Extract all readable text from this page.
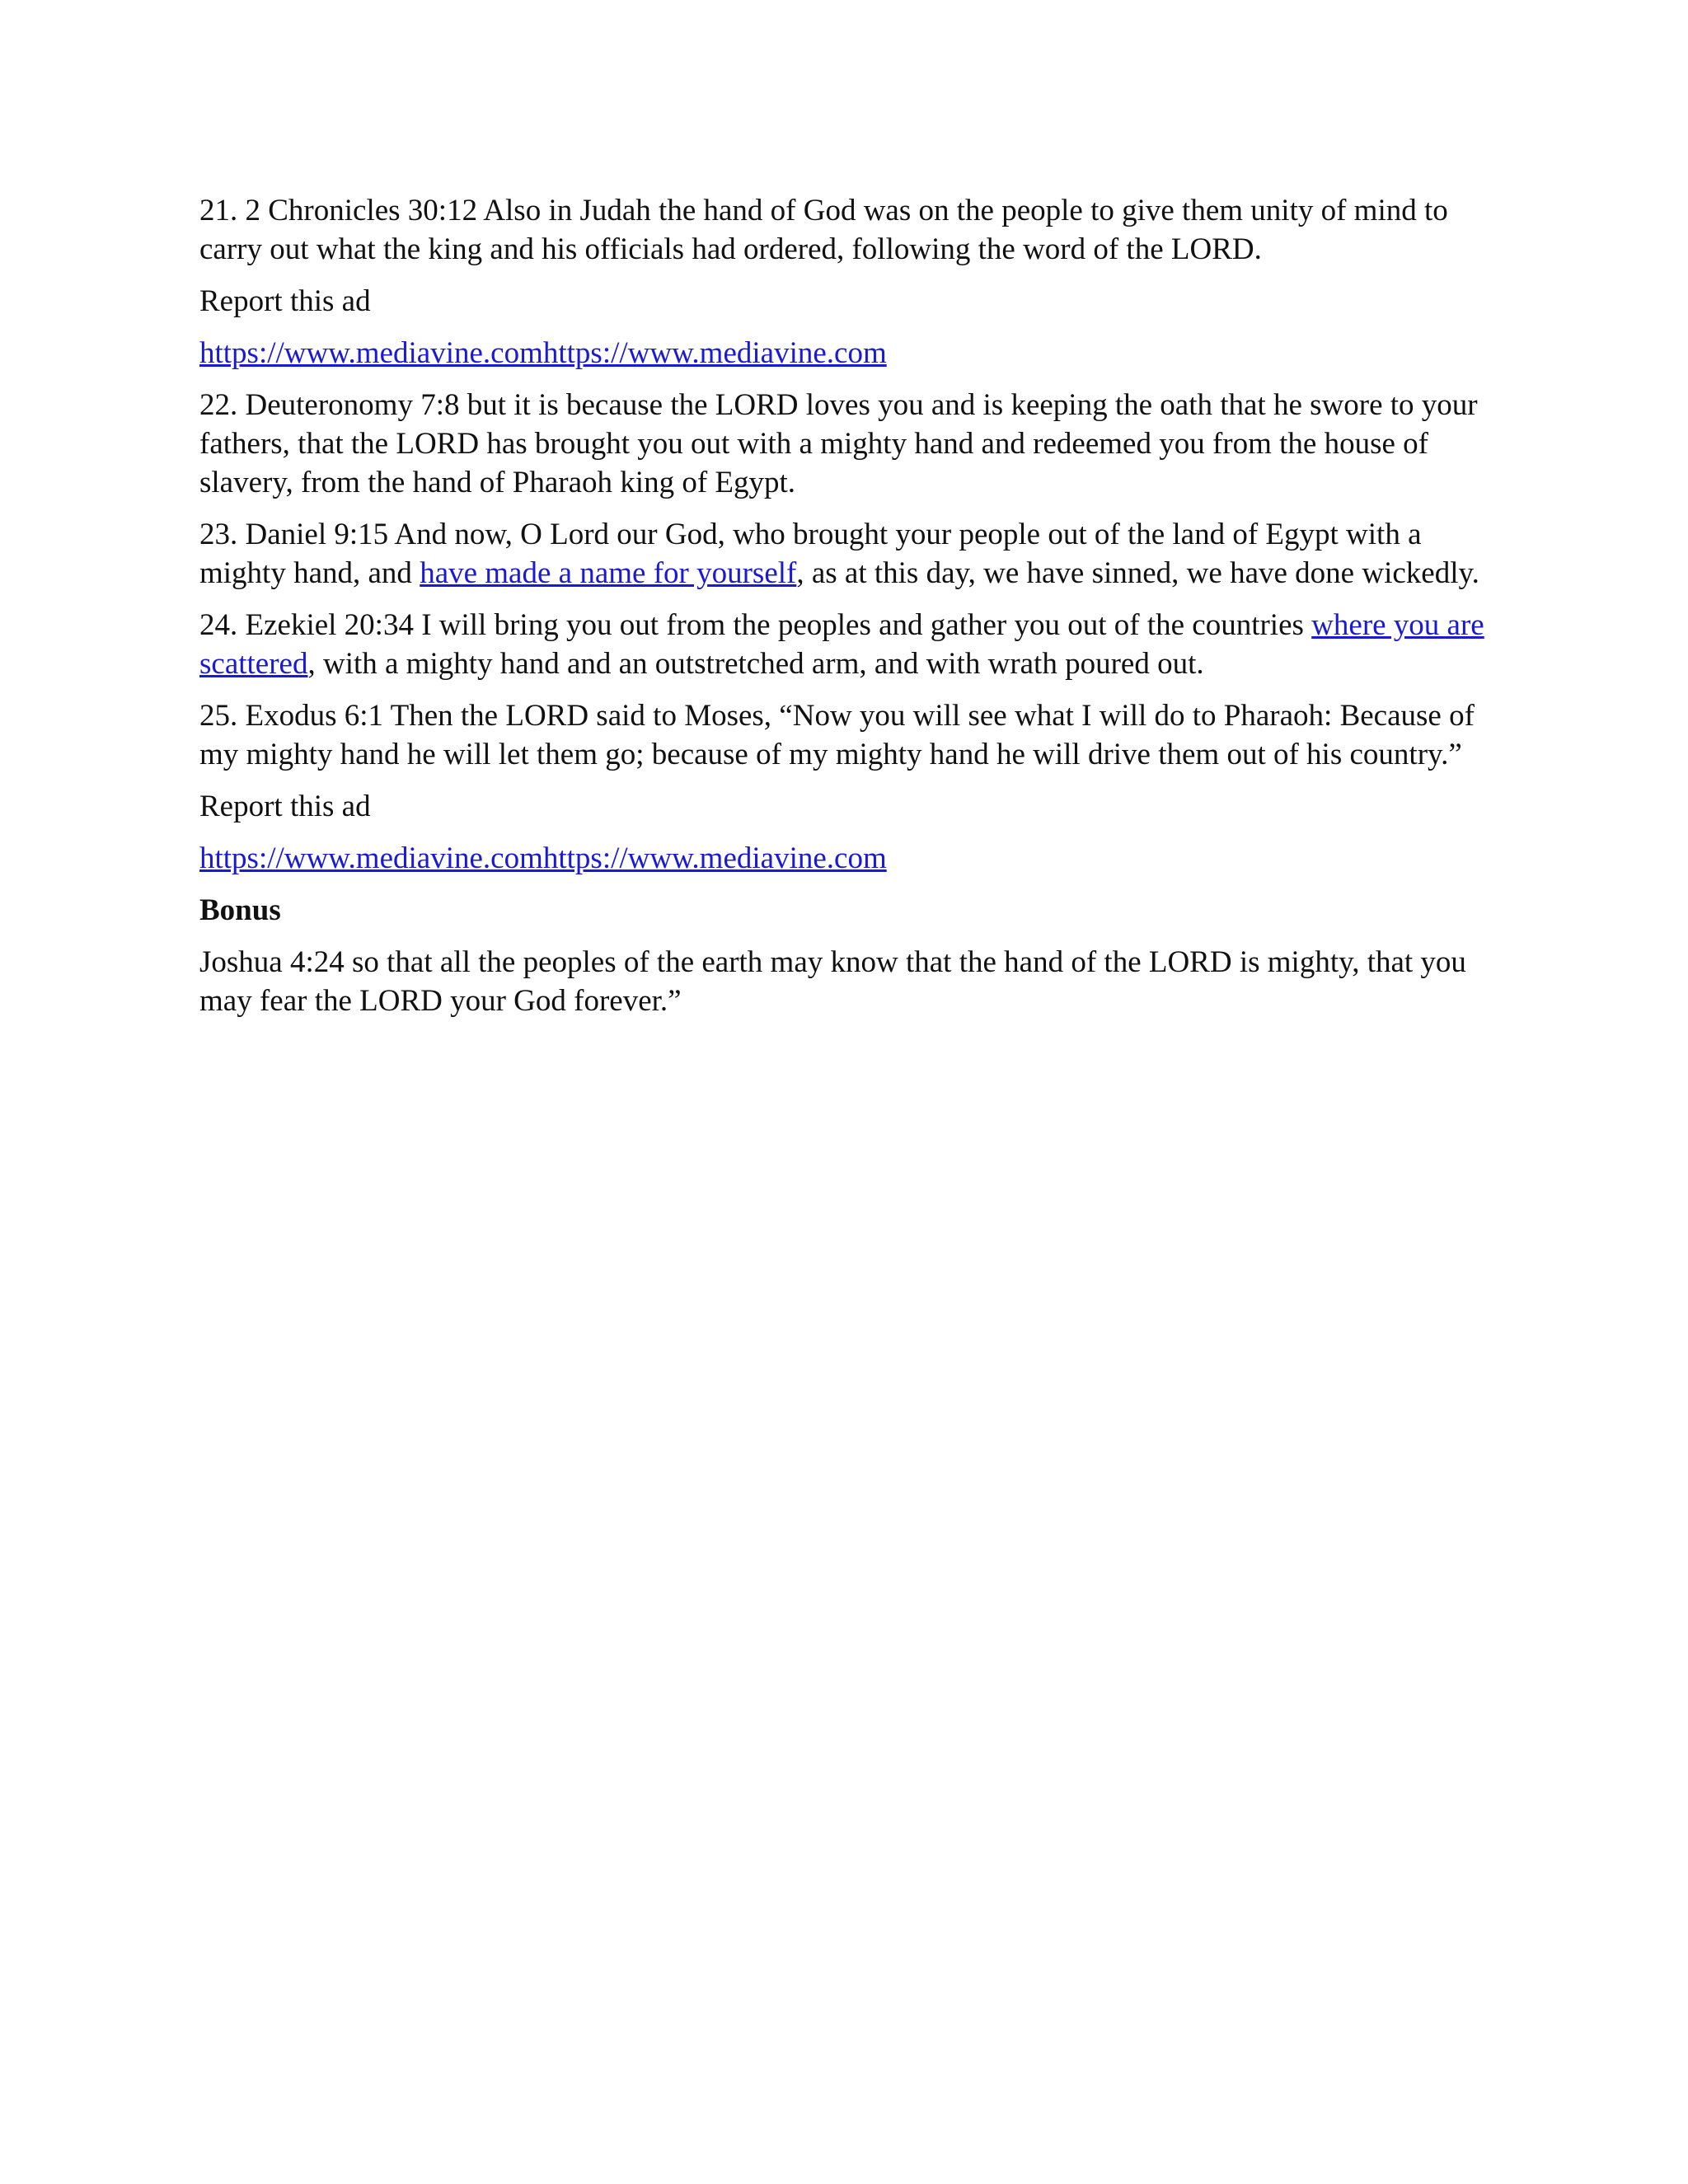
21. 2 Chronicles 30:12 Also in Judah the hand of God was on the people to give them unity of mind to carry out what the king and his officials had ordered, following the word of the LORD.

Report this ad

https://www.mediavine.comhttps://www.mediavine.com

22. Deuteronomy 7:8 but it is because the LORD loves you and is keeping the oath that he swore to your fathers, that the LORD has brought you out with a mighty hand and redeemed you from the house of slavery, from the hand of Pharaoh king of Egypt.

23. Daniel 9:15 And now, O Lord our God, who brought your people out of the land of Egypt with a mighty hand, and have made a name for yourself, as at this day, we have sinned, we have done wickedly.

24. Ezekiel 20:34 I will bring you out from the peoples and gather you out of the countries where you are scattered, with a mighty hand and an outstretched arm, and with wrath poured out.

25. Exodus 6:1 Then the LORD said to Moses, “Now you will see what I will do to Pharaoh: Because of my mighty hand he will let them go; because of my mighty hand he will drive them out of his country.”

Report this ad

https://www.mediavine.comhttps://www.mediavine.com

Bonus

Joshua 4:24 so that all the peoples of the earth may know that the hand of the LORD is mighty, that you may fear the LORD your God forever.”
